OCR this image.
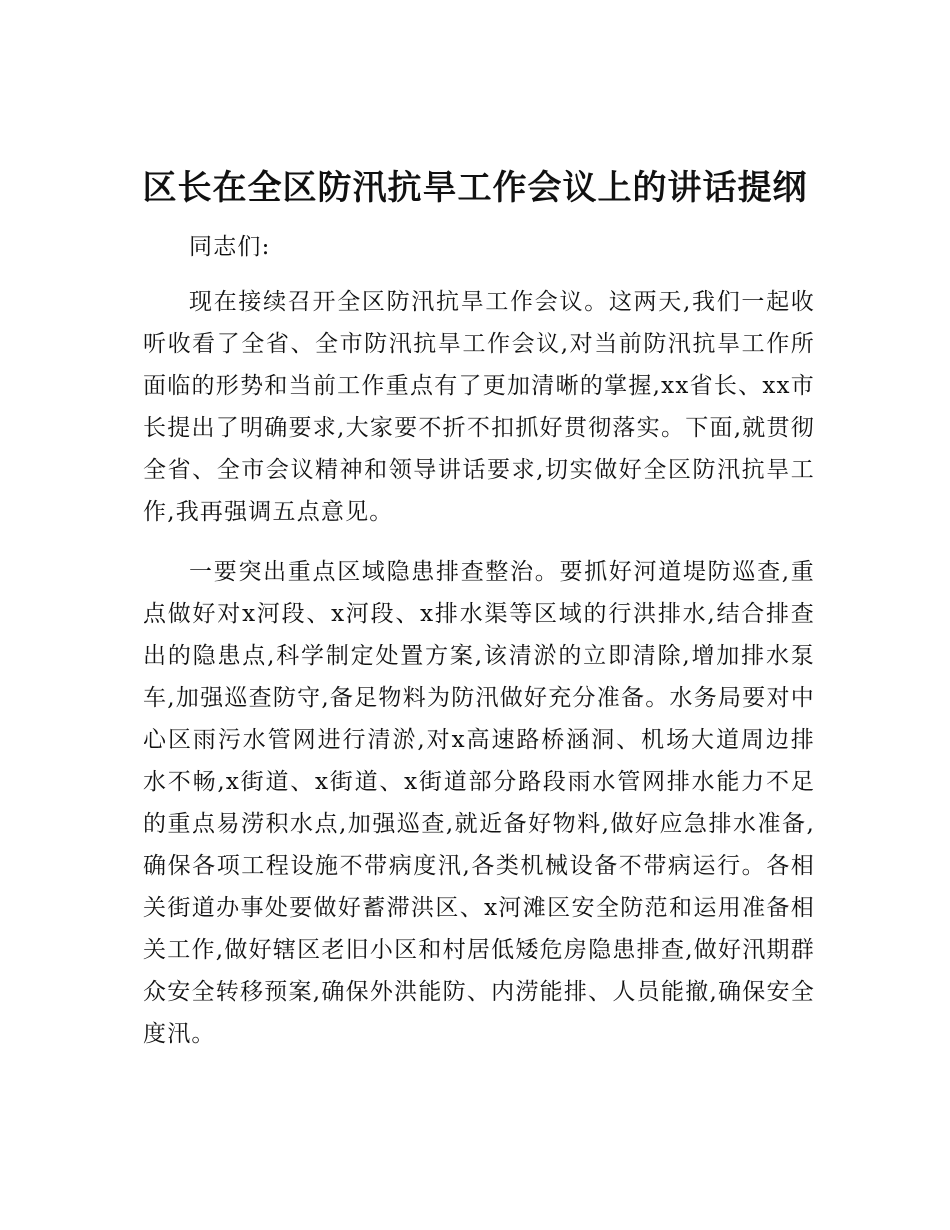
区长在全区防汛抗旱工作会议上的讲话提纲

同志们:

现在接续召开全区防汛抗旱工作会议。这两天,我们一起收听收看了全省、全市防汛抗旱工作会议,对当前防汛抗旱工作所面临的形势和当前工作重点有了更加清晰的掌握,xx省长、xx市长提出了明确要求,大家要不折不扣抓好贯彻落实。下面,就贯彻全省、全市会议精神和领导讲话要求,切实做好全区防汛抗旱工作,我再强调五点意见。

一要突出重点区域隐患排查整治。要抓好河道堤防巡查,重点做好对x河段、x河段、x排水渠等区域的行洪排水,结合排查出的隐患点,科学制定处置方案,该清淤的立即清除,增加排水泵车,加强巡查防守,备足物料为防汛做好充分准备。水务局要对中心区雨污水管网进行清淤,对x高速路桥涵洞、机场大道周边排水不畅,x街道、x街道、x街道部分路段雨水管网排水能力不足的重点易涝积水点,加强巡查,就近备好物料,做好应急排水准备,确保各项工程设施不带病度汛,各类机械设备不带病运行。各相关街道办事处要做好蓄滞洪区、x河滩区安全防范和运用准备相关工作,做好辖区老旧小区和村居低矮危房隐患排查,做好汛期群众安全转移预案,确保外洪能防、内涝能排、人员能撤,确保安全度汛。
